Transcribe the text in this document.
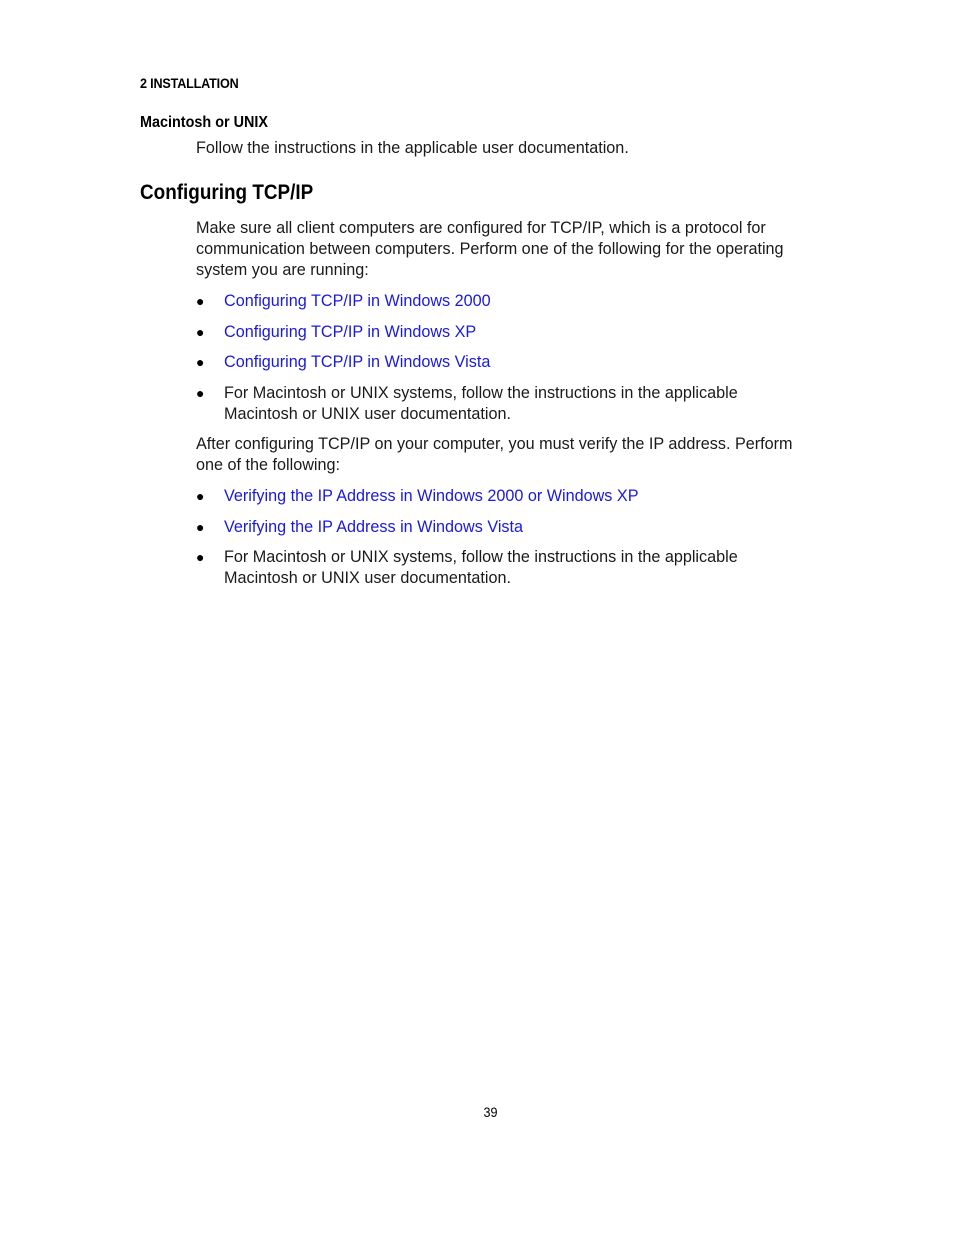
2 INSTALLATION
Macintosh or UNIX
Follow the instructions in the applicable user documentation.
Configuring TCP/IP
Make sure all client computers are configured for TCP/IP, which is a protocol for
communication between computers. Perform one of the following for the operating
system you are running:
● Configuring TCP/IP in Windows 2000
● Configuring TCP/IP in Windows XP
● Configuring TCP/IP in Windows Vista
● For Macintosh or UNIX systems, follow the instructions in the applicable
Macintosh or UNIX user documentation.
After configuring TCP/IP on your computer, you must verify the IP address. Perform
one of the following:
● Verifying the IP Address in Windows 2000 or Windows XP
● Verifying the IP Address in Windows Vista
● For Macintosh or UNIX systems, follow the instructions in the applicable
Macintosh or UNIX user documentation.
39
